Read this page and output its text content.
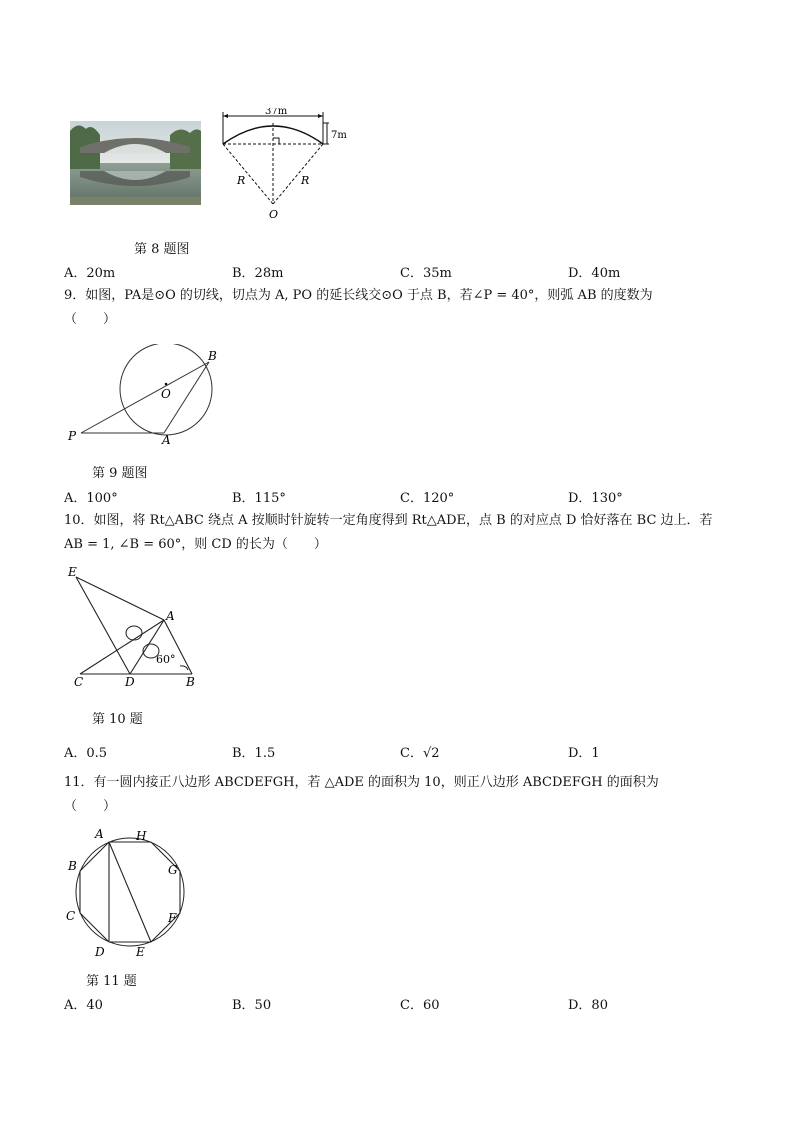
37m
7m
R	R
O
第 8 题图
A．20m	B．28m	C．35m	D．40m
9．如图，PA是⊙O 的切线，切点为 A, PO 的延长线交⊙O 于点 B，若∠P = 40°，则弧 AB 的度数为
（　　）
B
O
P	A
第 9 题图
A．100°	B．115°	C．120°	D．130°
10．如图，将 Rt△ABC 绕点 A 按顺时针旋转一定角度得到 Rt△ADE，点 B 的对应点 D 恰好落在 BC 边上．若
AB = 1, ∠B = 60°，则 CD 的长为（　　）
60°
E
A
C	D	B
第 10 题
A．0.5	B．1.5	C．√2	D．1
11．有一圆内接正八边形 ABCDEFGH，若 △ADE 的面积为 10，则正八边形 ABCDEFGH 的面积为
（　　）
A	H
B	G
C	F
D	E
第 11 题
A．40	B．50	C．60	D．80
